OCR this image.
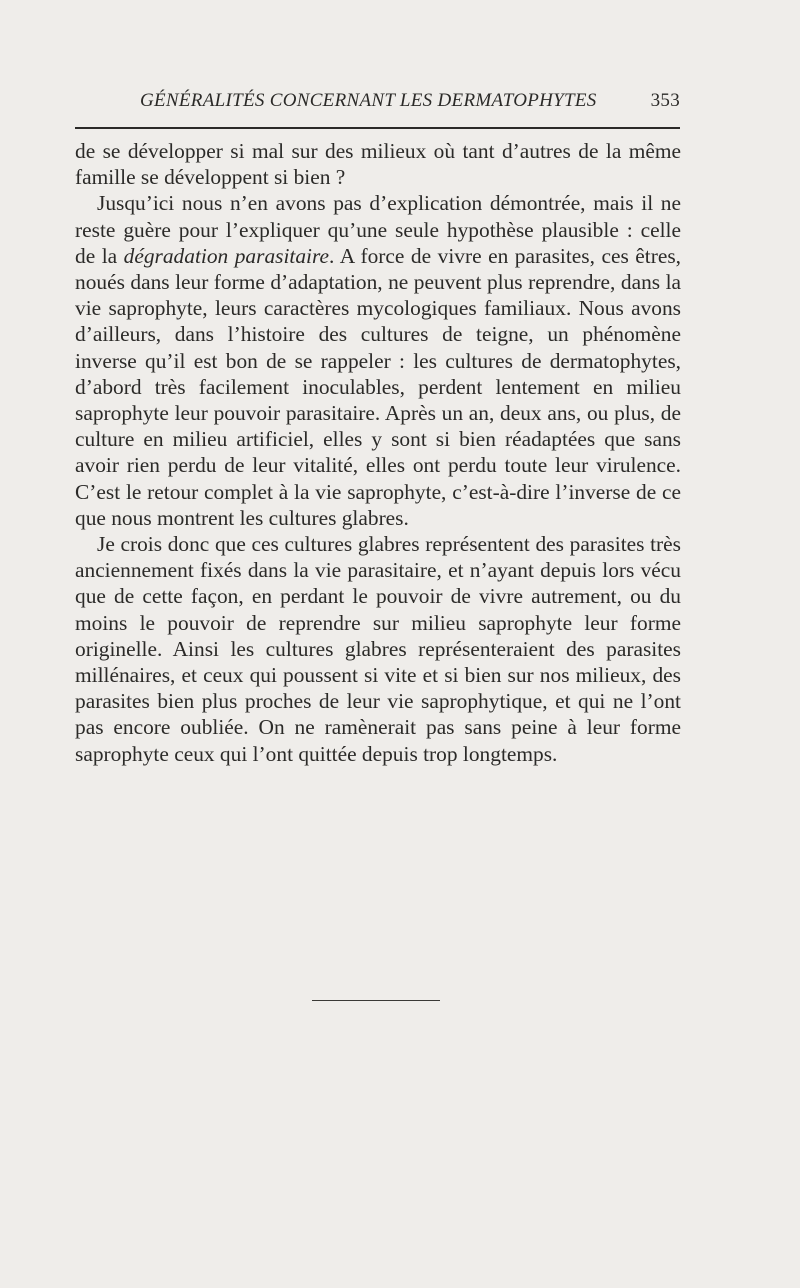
GÉNÉRALITÉS CONCERNANT LES DERMATOPHYTES	353

de se développer si mal sur des milieux où tant d’autres de la même famille se développent si bien ?

Jusqu’ici nous n’en avons pas d’explication démontrée, mais il ne reste guère pour l’expliquer qu’une seule hypothèse plausible : celle de la dégradation parasitaire. A force de vivre en parasites, ces êtres, noués dans leur forme d’adaptation, ne peuvent plus reprendre, dans la vie saprophyte, leurs caractères mycologiques familiaux. Nous avons d’ailleurs, dans l’histoire des cultures de teigne, un phénomène inverse qu’il est bon de se rappeler : les cultures de dermatophytes, d’abord très facilement inoculables, perdent lentement en milieu saprophyte leur pouvoir parasitaire. Après un an, deux ans, ou plus, de culture en milieu artificiel, elles y sont si bien réadaptées que sans avoir rien perdu de leur vitalité, elles ont perdu toute leur virulence. C’est le retour complet à la vie saprophyte, c’est-à-dire l’inverse de ce que nous montrent les cultures glabres.

Je crois donc que ces cultures glabres représentent des parasites très anciennement fixés dans la vie parasitaire, et n’ayant depuis lors vécu que de cette façon, en perdant le pouvoir de vivre autrement, ou du moins le pouvoir de reprendre sur milieu saprophyte leur forme originelle. Ainsi les cultures glabres représenteraient des parasites millénaires, et ceux qui poussent si vite et si bien sur nos milieux, des parasites bien plus proches de leur vie saprophytique, et qui ne l’ont pas encore oubliée. On ne ramènerait pas sans peine à leur forme saprophyte ceux qui l’ont quittée depuis trop longtemps.
